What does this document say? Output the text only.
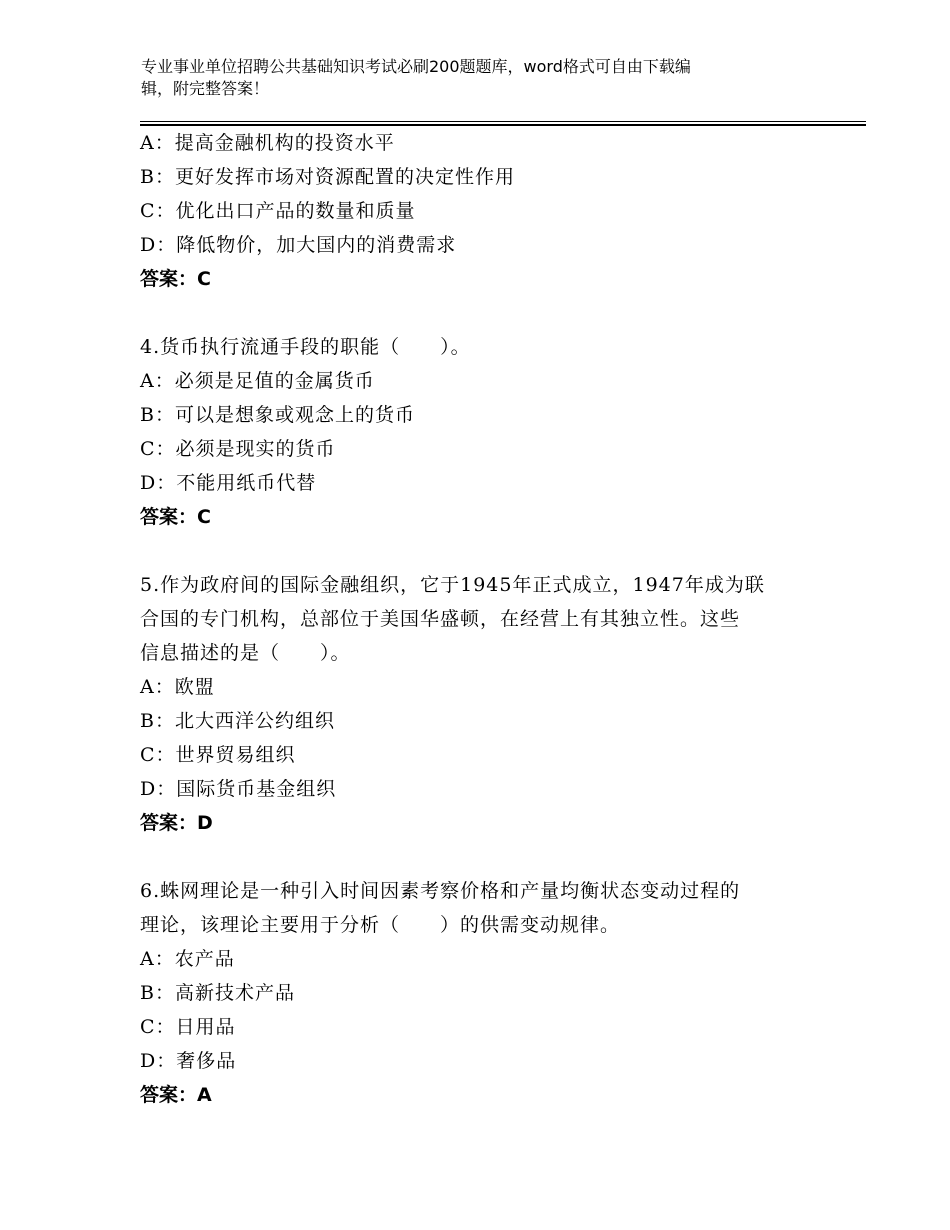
专业事业单位招聘公共基础知识考试必刷200题题库，word格式可自由下载编
辑，附完整答案！
A：提高金融机构的投资水平
B：更好发挥市场对资源配置的决定性作用
C：优化出口产品的数量和质量
D：降低物价，加大国内的消费需求
答案：C
4.货币执行流通手段的职能（　　）。
A：必须是足值的金属货币
B：可以是想象或观念上的货币
C：必须是现实的货币
D：不能用纸币代替
答案：C
5.作为政府间的国际金融组织，它于1945年正式成立，1947年成为联
合国的专门机构，总部位于美国华盛顿，在经营上有其独立性。这些
信息描述的是（　　）。
A：欧盟
B：北大西洋公约组织
C：世界贸易组织
D：国际货币基金组织
答案：D
6.蛛网理论是一种引入时间因素考察价格和产量均衡状态变动过程的
理论，该理论主要用于分析（　　）的供需变动规律。
A：农产品
B：高新技术产品
C：日用品
D：奢侈品
答案：A
